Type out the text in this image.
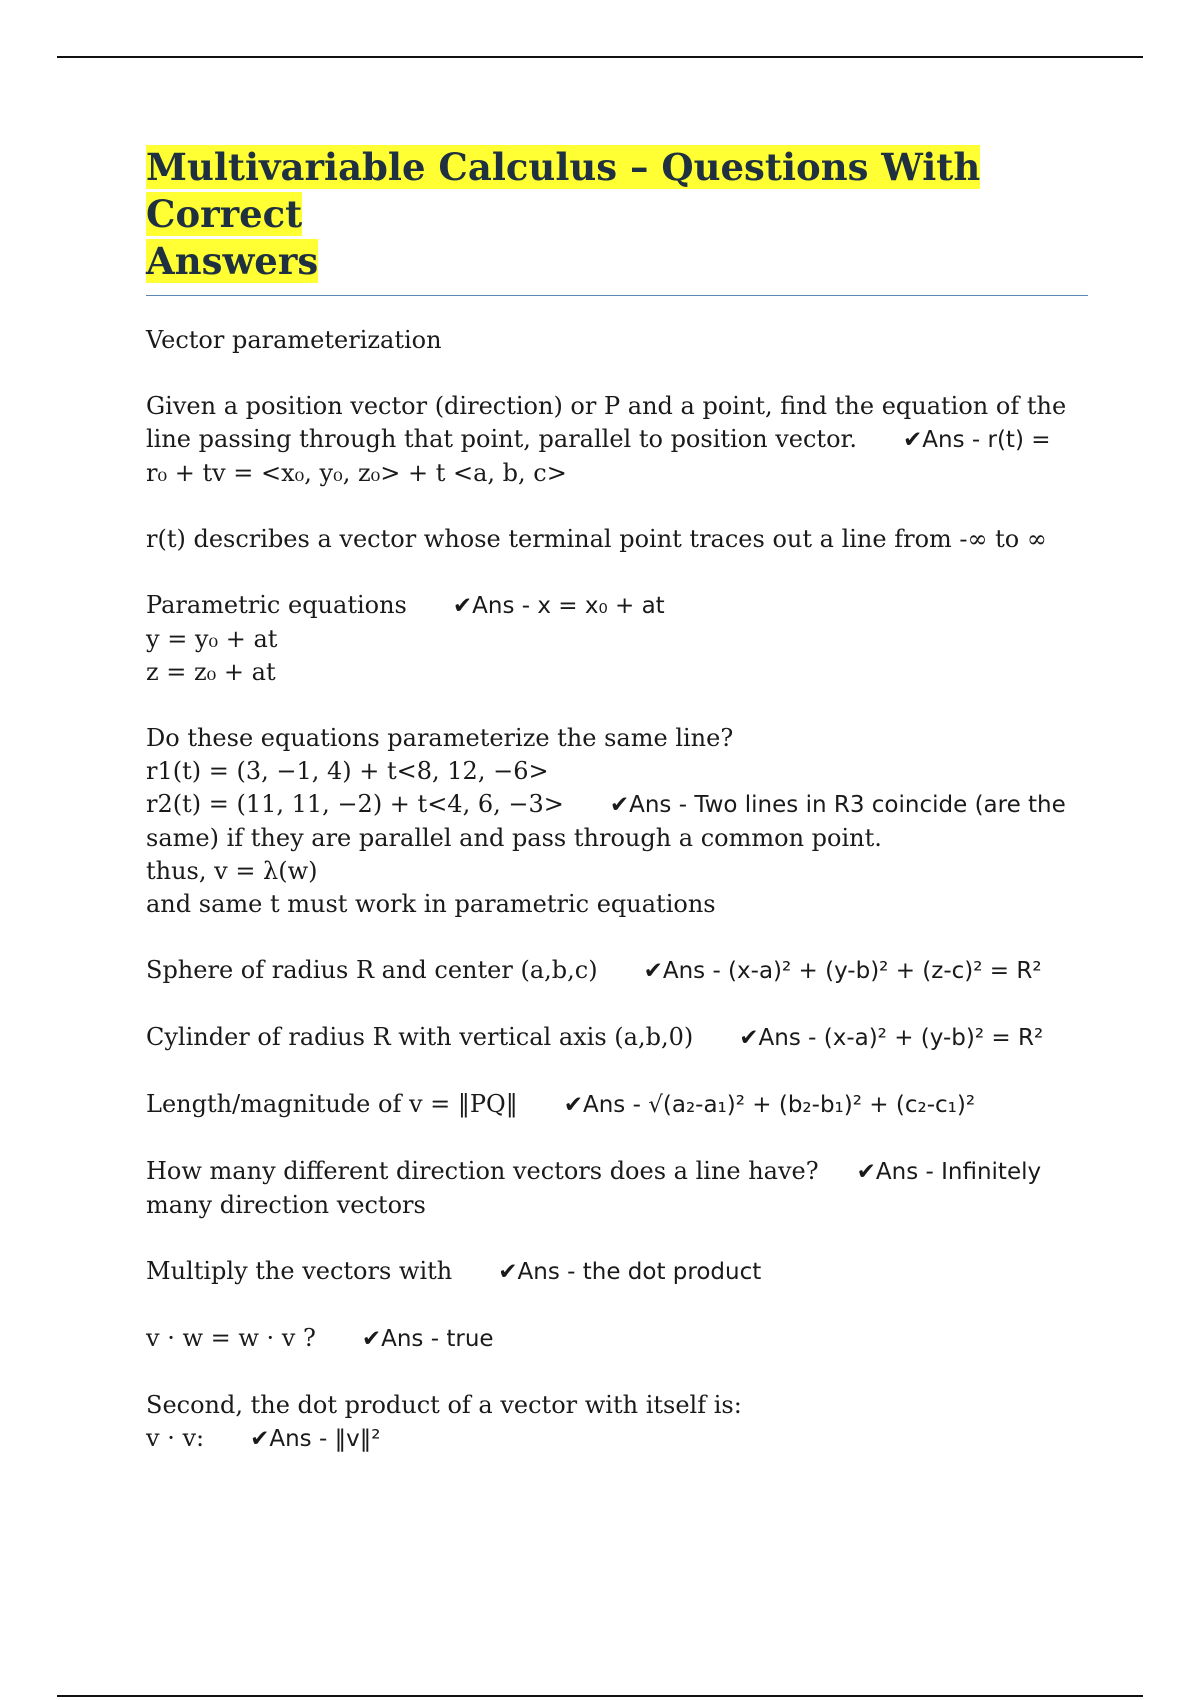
Multivariable Calculus – Questions With Correct
Answers
Vector parameterization

Given a position vector (direction) or P and a point, find the equation of the
line passing through that point, parallel to position vector. ✔Ans - r(t) =

r₀ + tv = <x₀, y₀, z₀> + t <a, b, c>

r(t) describes a vector whose terminal point traces out a line from -∞ to ∞

Parametric equations ✔Ans - x = x₀ + at

y = y₀ + at

z = z₀ + at

Do these equations parameterize the same line?

r1(t) = (3, −1, 4) + t<8, 12, −6>

r2(t) = (11, 11, −2) + t<4, 6, −3> ✔Ans - Two lines in R3 coincide (are the

same) if they are parallel and pass through a common point.

thus, v = λ(w)

and same t must work in parametric equations

Sphere of radius R and center (a,b,c) ✔Ans - (x-a)² + (y-b)² + (z-c)² = R²

Cylinder of radius R with vertical axis (a,b,0) ✔Ans - (x-a)² + (y-b)² = R²

Length/magnitude of v = ‖PQ‖ ✔Ans - √(a₂-a₁)² + (b₂-b₁)² + (c₂-c₁)²

How many different direction vectors does a line have? ✔Ans - Infinitely

many direction vectors

Multiply the vectors with ✔Ans - the dot product

v · w = w · v ? ✔Ans - true

Second, the dot product of a vector with itself is:

v · v: ✔Ans - ‖v‖²
